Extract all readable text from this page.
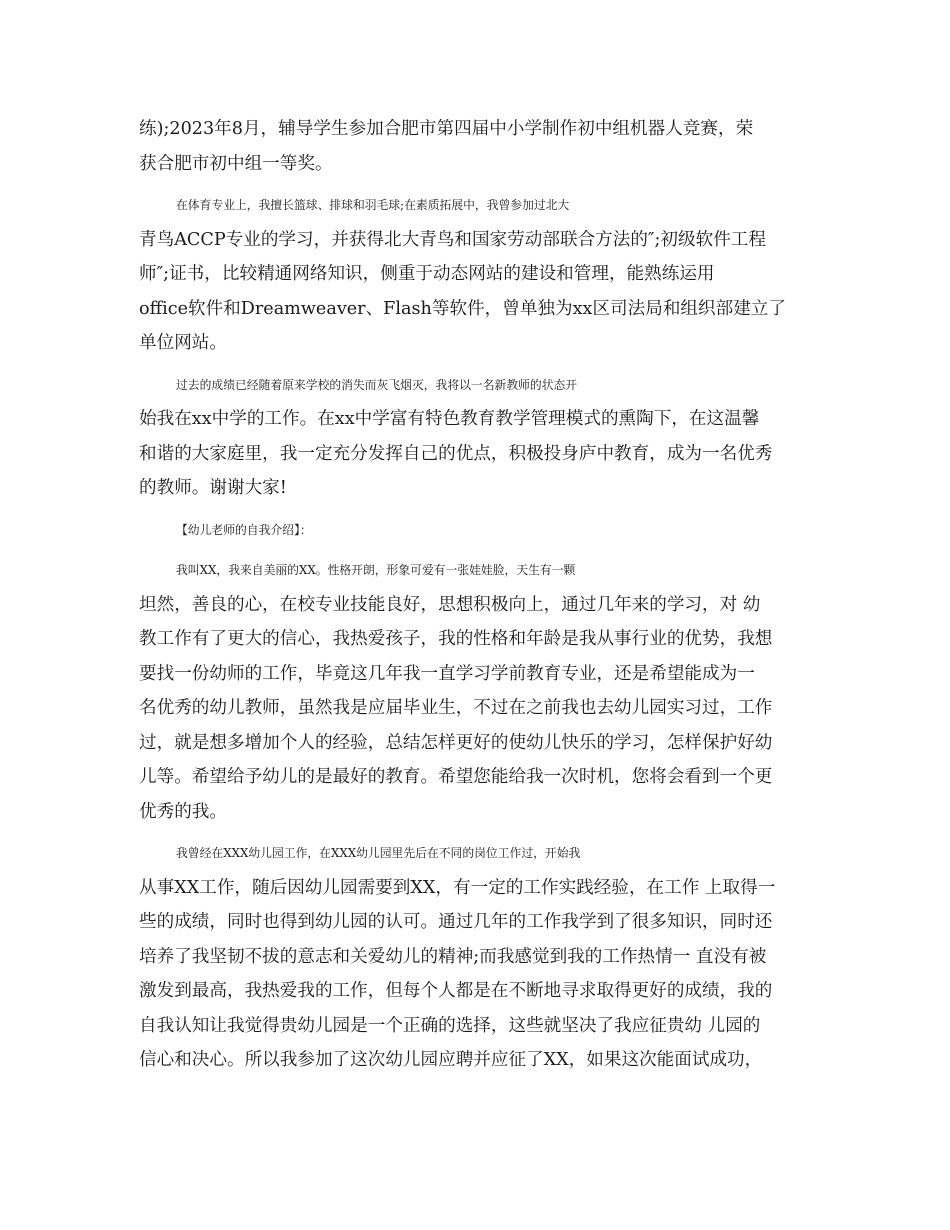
练);2023年8月，辅导学生参加合肥市第四届中小学制作初中组机器人竞赛，荣
获合肥市初中组一等奖。

在体育专业上，我擅长篮球、排球和羽毛球;在素质拓展中，我曾参加过北大
青鸟ACCP专业的学习，并获得北大青鸟和国家劳动部联合方法的″;初级软件工程
师″;证书，比较精通网络知识，侧重于动态网站的建设和管理，能熟练运用
office软件和Dreamweaver、Flash等软件，曾单独为xx区司法局和组织部建立了
单位网站。

过去的成绩已经随着原来学校的消失而灰飞烟灭，我将以一名新教师的状态开
始我在xx中学的工作。在xx中学富有特色教育教学管理模式的熏陶下，在这温馨
和谐的大家庭里，我一定充分发挥自己的优点，积极投身庐中教育，成为一名优秀
的教师。谢谢大家!

【幼儿老师的自我介绍】：

我叫XX，我来自美丽的XX。性格开朗，形象可爱有一张娃娃脸，天生有一颗
坦然，善良的心，在校专业技能良好，思想积极向上，通过几年来的学习，对 幼
教工作有了更大的信心，我热爱孩子，我的性格和年龄是我从事行业的优势，我想
要找一份幼师的工作，毕竟这几年我一直学习学前教育专业，还是希望能成为一
名优秀的幼儿教师，虽然我是应届毕业生，不过在之前我也去幼儿园实习过，工作
过，就是想多增加个人的经验，总结怎样更好的使幼儿快乐的学习，怎样保护好幼
儿等。希望给予幼儿的是最好的教育。希望您能给我一次时机，您将会看到一个更
优秀的我。

我曾经在XXX幼儿园工作，在XXX幼儿园里先后在不同的岗位工作过，开始我
从事XX工作，随后因幼儿园需要到XX，有一定的工作实践经验，在工作 上取得一
些的成绩，同时也得到幼儿园的认可。通过几年的工作我学到了很多知识，同时还
培养了我坚韧不拔的意志和关爱幼儿的精神;而我感觉到我的工作热情一 直没有被
激发到最高，我热爱我的工作，但每个人都是在不断地寻求取得更好的成绩，我的
自我认知让我觉得贵幼儿园是一个正确的选择，这些就坚决了我应征贵幼 儿园的
信心和决心。所以我参加了这次幼儿园应聘并应征了XX，如果这次能面试成功，
